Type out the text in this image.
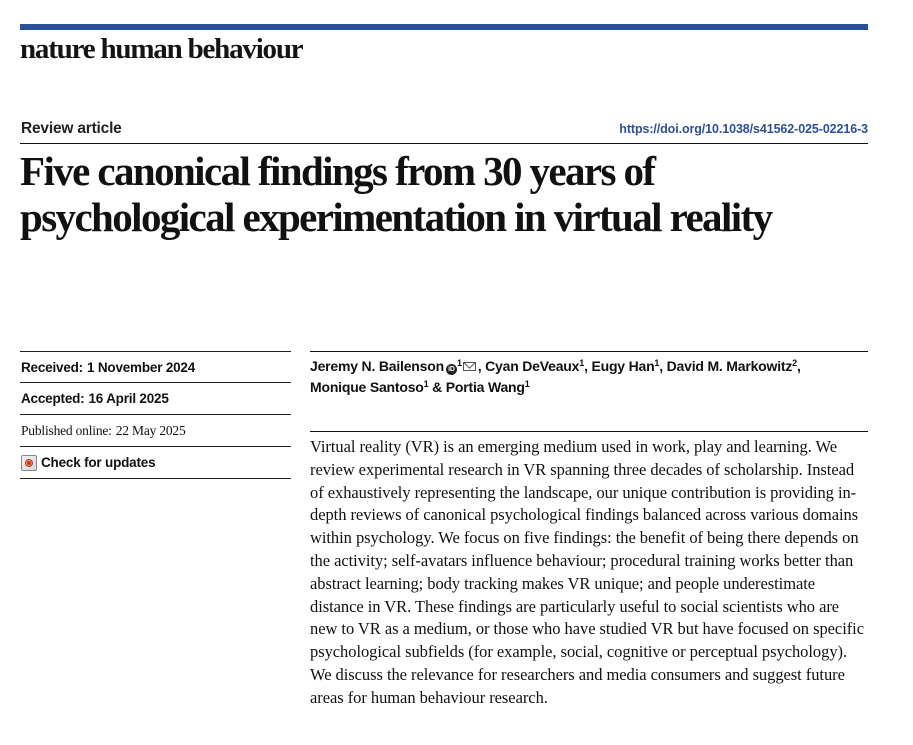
nature human behaviour
Review article	https://doi.org/10.1038/s41562-025-02216-3
Five canonical findings from 30 years of psychological experimentation in virtual reality
Received: 1 November 2024
Accepted: 16 April 2025
Published online: 22 May 2025
Check for updates
Jeremy N. Bailenson $iD^1$ , Cyan DeVeaux$^1$, Eugy Han$^1$, David M. Markowitz$^2$,
Monique Santoso$^1$ & Portia Wang$^1$

Virtual reality (VR) is an emerging medium used in work, play and learning. We review experimental research in VR spanning three decades of scholarship. Instead of exhaustively representing the landscape, our unique contribution is providing in-depth reviews of canonical psychological findings balanced across various domains within psychology. We focus on five findings: the benefit of being there depends on the activity; self-avatars influence behaviour; procedural training works better than abstract learning; body tracking makes VR unique; and people underestimate distance in VR. These findings are particularly useful to social scientists who are new to VR as a medium, or those who have studied VR but have focused on specific psychological subfields (for example, social, cognitive or perceptual psychology). We discuss the relevance for researchers and media consumers and suggest future areas for human behaviour research.
